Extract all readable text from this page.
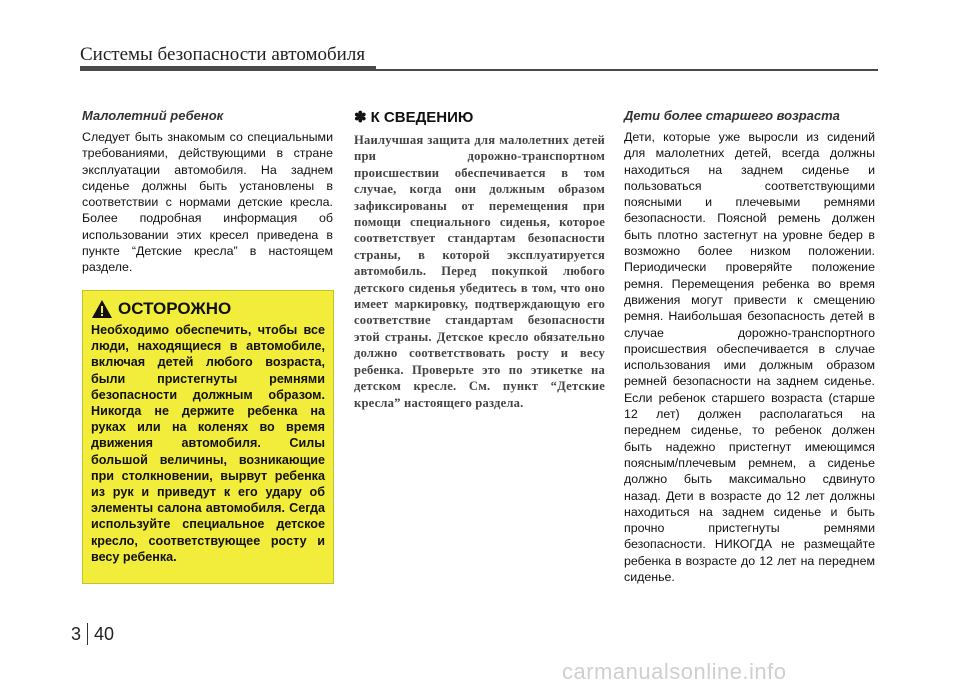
Системы безопасности автомобиля
Малолетний ребенок
Следует быть знакомым со специальными требованиями, действующими в стране эксплуатации автомобиля. На заднем сиденье должны быть установлены в соответствии с нормами детские кресла. Более подробная информация об использовании этих кресел приведена в пункте “Детские кресла” в настоящем разделе.
ОСТОРОЖНО
Необходимо обеспечить, чтобы все люди, находящиеся в автомобиле, включая детей любого возраста, были пристегнуты ремнями безопасности должным образом. Никогда не держите ребенка на руках или на коленях во время движения автомобиля. Силы большой величины, возникающие при столкновении, вырвут ребенка из рук и приведут к его удару об элементы салона автомобиля. Сегда используйте специальное детское кресло, соответствующее росту и весу ребенка.
✽ К СВЕДЕНИЮ
Наилучшая защита для малолетних детей при дорожно-транспортном происшествии обеспечивается в том случае, когда они должным образом зафиксированы от перемещения при помощи специального сиденья, которое соответствует стандартам безопасности страны, в которой эксплуатируется автомобиль. Перед покупкой любого детского сиденья убедитесь в том, что оно имеет маркировку, подтверждающую его соответствие стандартам безопасности этой страны. Детское кресло обязательно должно соответствовать росту и весу ребенка. Проверьте это по этикетке на детском кресле. См. пункт “Детские кресла” настоящего раздела.
Дети более старшего возраста
Дети, которые уже выросли из сидений для малолетних детей, всегда должны находиться на заднем сиденье и пользоваться соответствующими поясными и плечевыми ремнями безопасности. Поясной ремень должен быть плотно застегнут на уровне бедер в возможно более низком положении. Периодически проверяйте положение ремня. Перемещения ребенка во время движения могут привести к смещению ремня. Наибольшая безопасность детей в случае дорожно-транспортного происшествия обеспечивается в случае использования ими должным образом ремней безопасности на заднем сиденье. Если ребенок старшего возраста (старше 12 лет) должен располагаться на переднем сиденье, то ребенок должен быть надежно пристегнут имеющимся поясным/плечевым ремнем, а сиденье должно быть максимально сдвинуто назад. Дети в возрасте до 12 лет должны находиться на заднем сиденье и быть прочно пристегнуты ремнями безопасности. НИКОГДА не размещайте ребенка в возрасте до 12 лет на переднем сиденье.
3 40
carmanualsonline.info
